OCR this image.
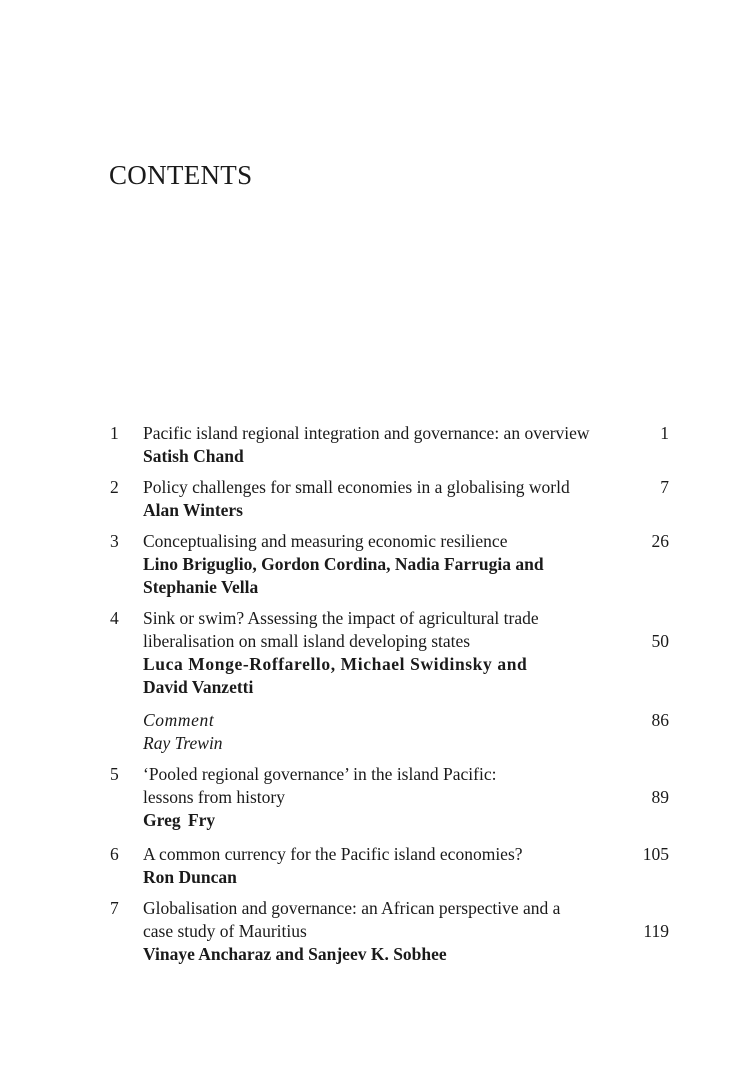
CONTENTS
1 Pacific island regional integration and governance: an overview
Satish Chand
1
2 Policy challenges for small economies in a globalising world
Alan Winters
7
3 Conceptualising and measuring economic resilience
Lino Briguglio, Gordon Cordina, Nadia Farrugia and
Stephanie Vella
26
4 Sink or swim? Assessing the impact of agricultural trade
liberalisation on small island developing states
Luca Monge-Roffarello, Michael Swidinsky and
David Vanzetti
50
Comment
Ray Trewin
86
5 ‘Pooled regional governance’ in the island Pacific:
lessons from history
Greg Fry
89
6 A common currency for the Pacific island economies?
Ron Duncan
105
7 Globalisation and governance: an African perspective and a
case study of Mauritius
Vinaye Ancharaz and Sanjeev K. Sobhee
119
